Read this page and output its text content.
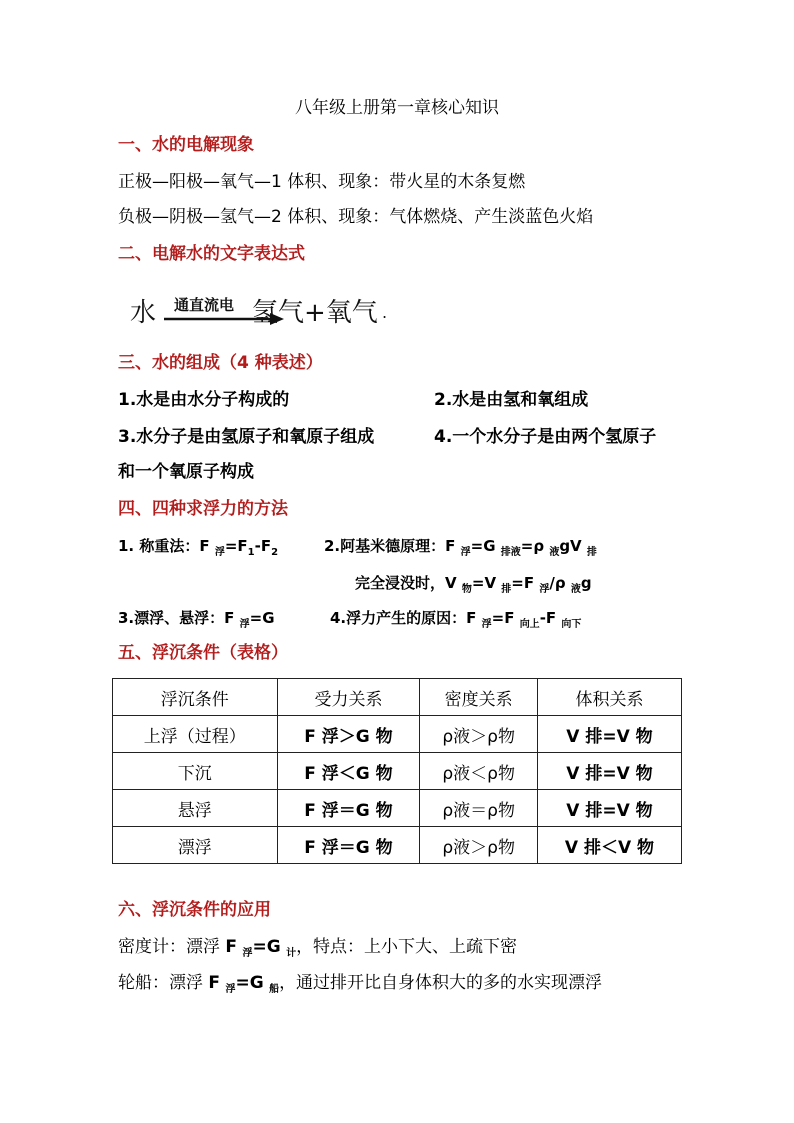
八年级上册第一章核心知识
一、水的电解现象
正极—阳极—氧气—1 体积、现象：带火星的木条复燃
负极—阴极—氢气—2 体积、现象：气体燃烧、产生淡蓝色火焰
二、电解水的文字表达式
水 通直流电 氢气+氧气 .
三、水的组成（4 种表述）
1.水是由水分子构成的	2.水是由氢和氧组成
3.水分子是由氢原子和氧原子组成	4.一个水分子是由两个氢原子
和一个氧原子构成
四、四种求浮力的方法
1. 称重法：F $_浮=F_1-F_2$	2.阿基米德原理：F $_浮$=G $_{排液}$=ρ $_液$gV $_排$
完全浸没时，V $_物$=V $_排$=F $_浮$/ρ $_液$g
3.漂浮、悬浮：F $_浮$=G	4.浮力产生的原因：F $_浮$=F $_{向上}$-F $_{向下}$
五、浮沉条件（表格）
浮沉条件	受力关系	密度关系	体积关系
上浮（过程）	F 浮＞G 物	ρ液＞ρ物	V 排=V 物
下沉	F 浮＜G 物	ρ液＜ρ物	V 排=V 物
悬浮	F 浮＝G 物	ρ液＝ρ物	V 排=V 物
漂浮	F 浮＝G 物	ρ液＞ρ物	V 排＜V 物
六、浮沉条件的应用
密度计：漂浮 F $_浮$=G $_计$，特点：上小下大、上疏下密
轮船：漂浮 F $_浮$=G $_船$，通过排开比自身体积大的多的水实现漂浮
